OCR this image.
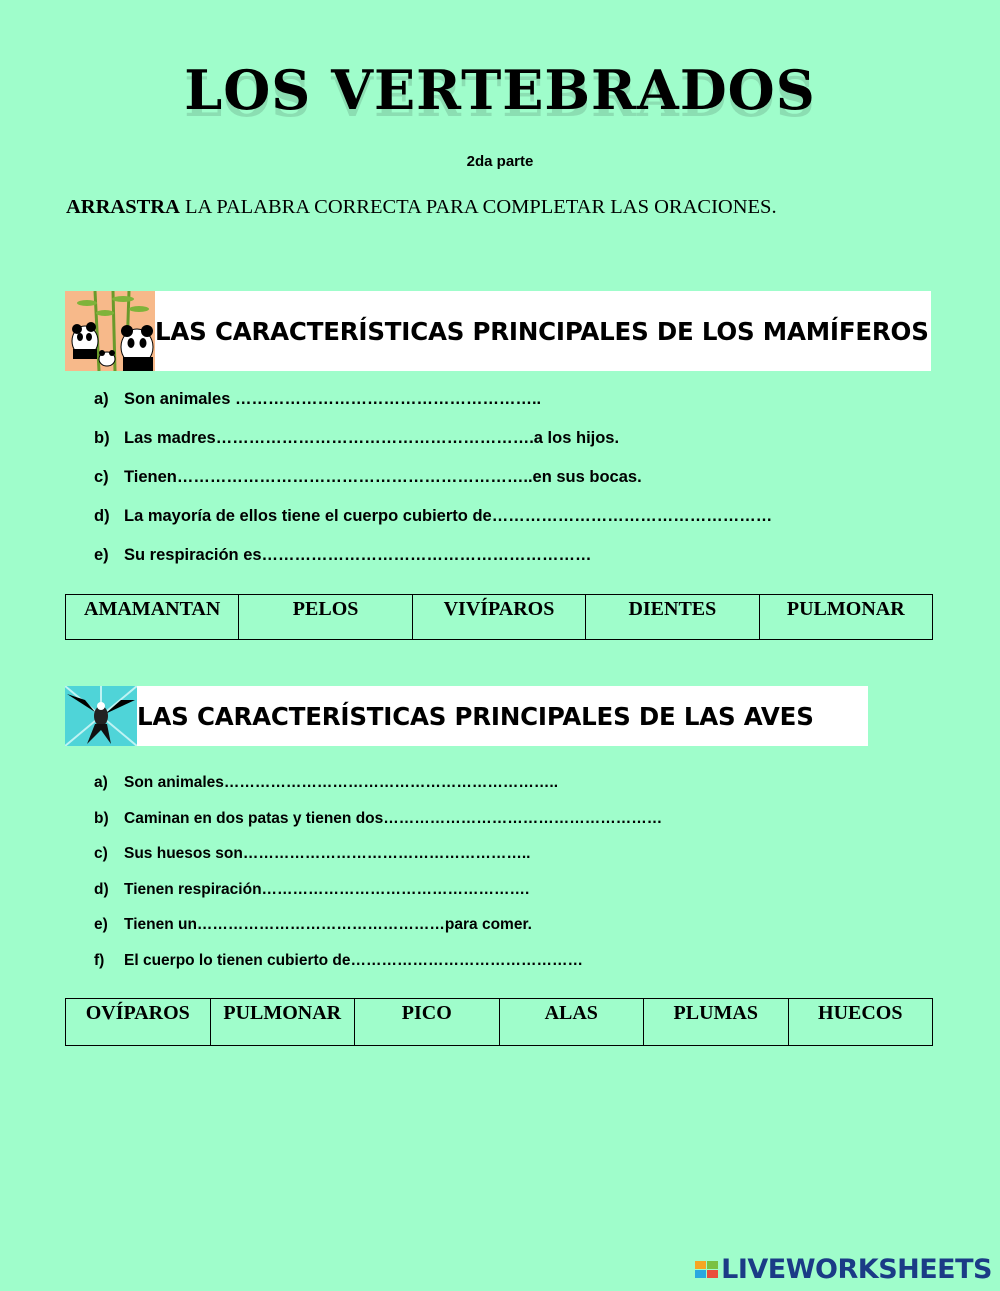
LOS VERTEBRADOS
2da parte
ARRASTRA LA PALABRA CORRECTA PARA COMPLETAR LAS ORACIONES.
LAS CARACTERÍSTICAS PRINCIPALES DE LOS MAMÍFEROS
a) Son animales ………………………………………………..
b) Las madres………………………………………………….a los hijos.
c) Tienen………………………………………………………..en sus bocas.
d) La mayoría de ellos tiene el cuerpo cubierto de……………………………………………
e) Su respiración es……………………………………………………
AMAMANTAN	PELOS	VIVÍPAROS	DIENTES	PULMONAR
LAS CARACTERÍSTICAS PRINCIPALES DE LAS AVES
a)	Son animales………………………………………………………..
b) Caminan en dos patas y tienen dos………………………………………………
c)	Sus huesos son………………………………………………..
d) Tienen respiración…………………………………………….
e)	Tienen un…………………………………………para comer.
f)	El cuerpo lo tienen cubierto de………………………………………
OVÍPAROS	PULMONAR	PICO	ALAS	PLUMAS	HUECOS
LIVEWORKSHEETS
